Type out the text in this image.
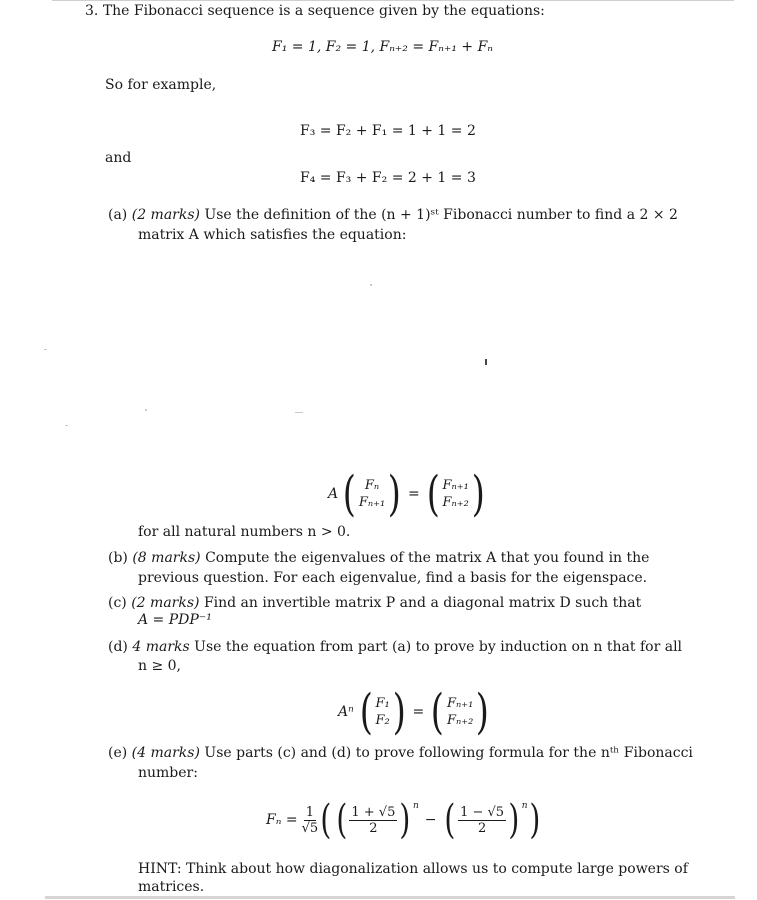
3. The Fibonacci sequence is a sequence given by the equations:
F₁ = 1, F₂ = 1, Fₙ₊₂ = Fₙ₊₁ + Fₙ
So for example,
F₃ = F₂ + F₁ = 1 + 1 = 2
and
F₄ = F₃ + F₂ = 2 + 1 = 3
(a) (2 marks) Use the definition of the (n + 1)ˢᵗ Fibonacci number to find a 2 × 2
matrix A which satisfies the equation:
A ( Fₙ
Fₙ₊₁ ) = ( Fₙ₊₁
Fₙ₊₂ )
for all natural numbers n > 0.
(b) (8 marks) Compute the eigenvalues of the matrix A that you found in the
previous question. For each eigenvalue, find a basis for the eigenspace.
(c) (2 marks) Find an invertible matrix P and a diagonal matrix D such that
A = PDP⁻¹
(d) 4 marks Use the equation from part (a) to prove by induction on n that for all
n ≥ 0,
Aⁿ ( F₁
F₂ ) = ( Fₙ₊₁
Fₙ₊₂ )
(e) (4 marks) Use parts (c) and (d) to prove following formula for the nᵗʰ Fibonacci
number:
$F_n = \frac{1}{√5}$ ( ( $\frac{1 + √5}{2}$ ) $^n$
− ( $\frac{1 - √5}{2}$ ) $^n$ )
HINT: Think about how diagonalization allows us to compute large powers of
matrices.
